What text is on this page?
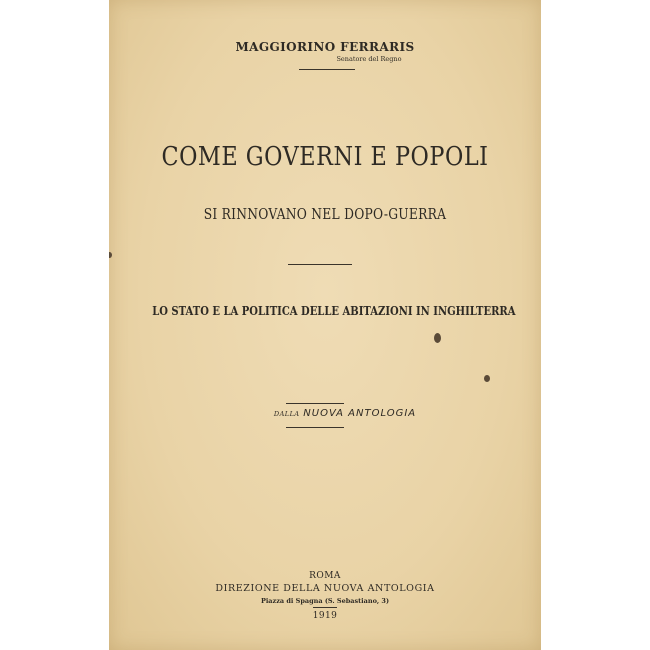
MAGGIORINO FERRARIS
Senatore del Regno
COME GOVERNI E POPOLI
SI RINNOVANO NEL DOPO-GUERRA
LO STATO E LA POLITICA DELLE ABITAZIONI IN INGHILTERRA
DALLA NUOVA ANTOLOGIA
ROMA
DIREZIONE DELLA NUOVA ANTOLOGIA
Piazza di Spagna (S. Sebastiano, 3)
1919
